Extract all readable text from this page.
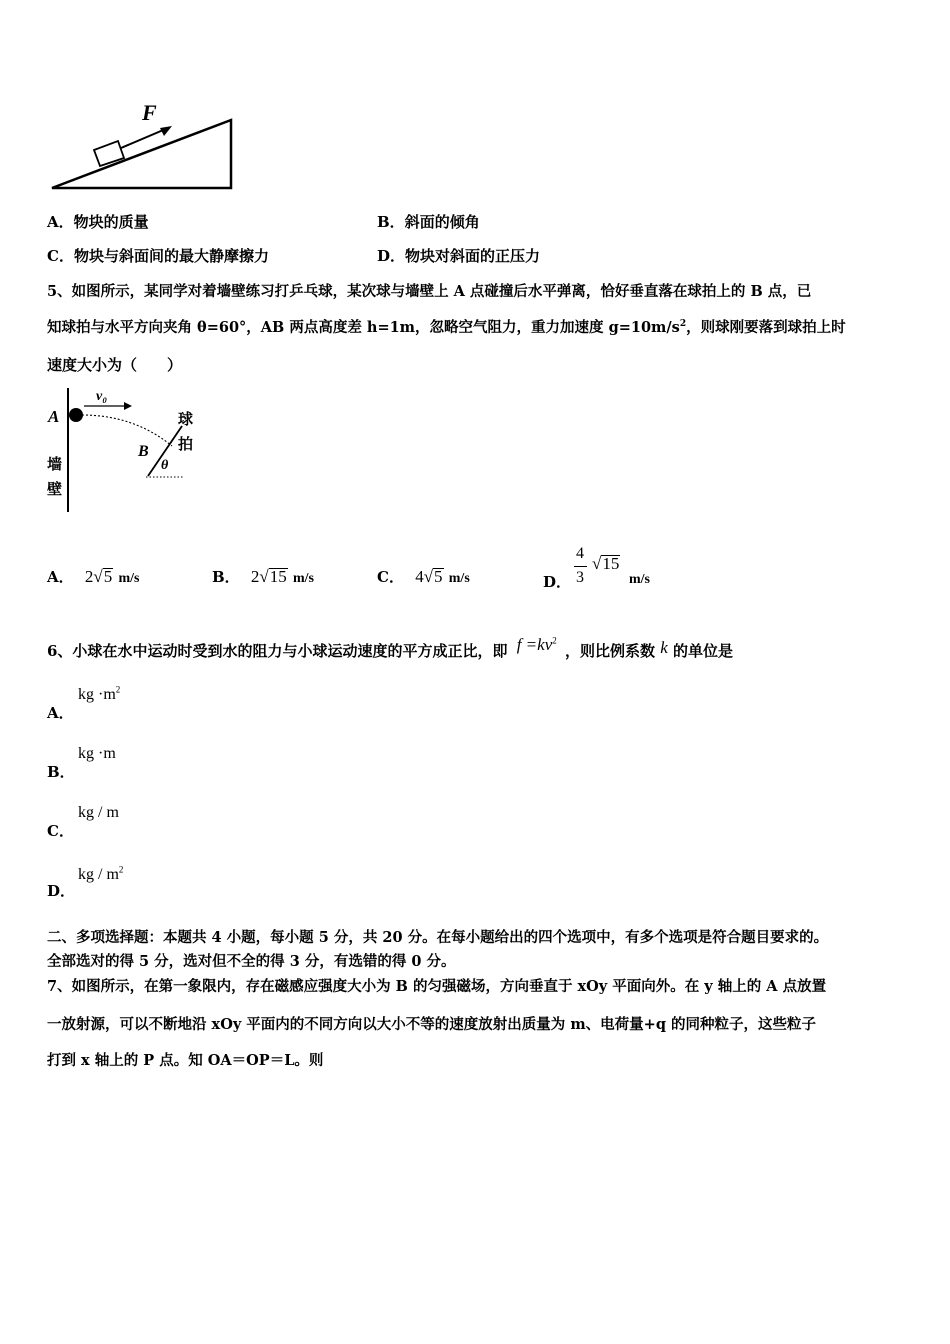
F
A．物块的质量	B．斜面的倾角
C．物块与斜面间的最大静摩擦力	D．物块对斜面的正压力
5、如图所示，某同学对着墙壁练习打乒乓球，某次球与墙壁上 A 点碰撞后水平弹离，恰好垂直落在球拍上的 B 点，已
知球拍与水平方向夹角 θ=60°，AB 两点高度差 h=1m，忽略空气阻力，重力加速度 $g=10m/s^2$，则球刚要落到球拍上时
速度大小为（　　）
A
v₀
B
θ
球
拍
墙
壁
A． 2√5 m/s	B． 2√15 m/s	C． 4√5 m/s	D．
4
3
√15
m/s
6、小球在水中运动时受到水的阻力与小球运动速度的平方成正比，即 $f =kv^2$ ，则比例系数 k 的单位是
A．
kg $\cdot m^2$
B．
kg ·m
C．
kg / m
D．
kg / $m^2$
二、多项选择题：本题共 4 小题，每小题 5 分，共 20 分。在每小题给出的四个选项中，有多个选项是符合题目要求的。
全部选对的得 5 分，选对但不全的得 3 分，有选错的得 0 分。
7、如图所示，在第一象限内，存在磁感应强度大小为 B 的匀强磁场，方向垂直于 xOy 平面向外。在 y 轴上的 A 点放置
一放射源，可以不断地沿 xOy 平面内的不同方向以大小不等的速度放射出质量为 m、电荷量+q 的同种粒子，这些粒子
打到 x 轴上的 P 点。知 OA＝OP＝L。则
